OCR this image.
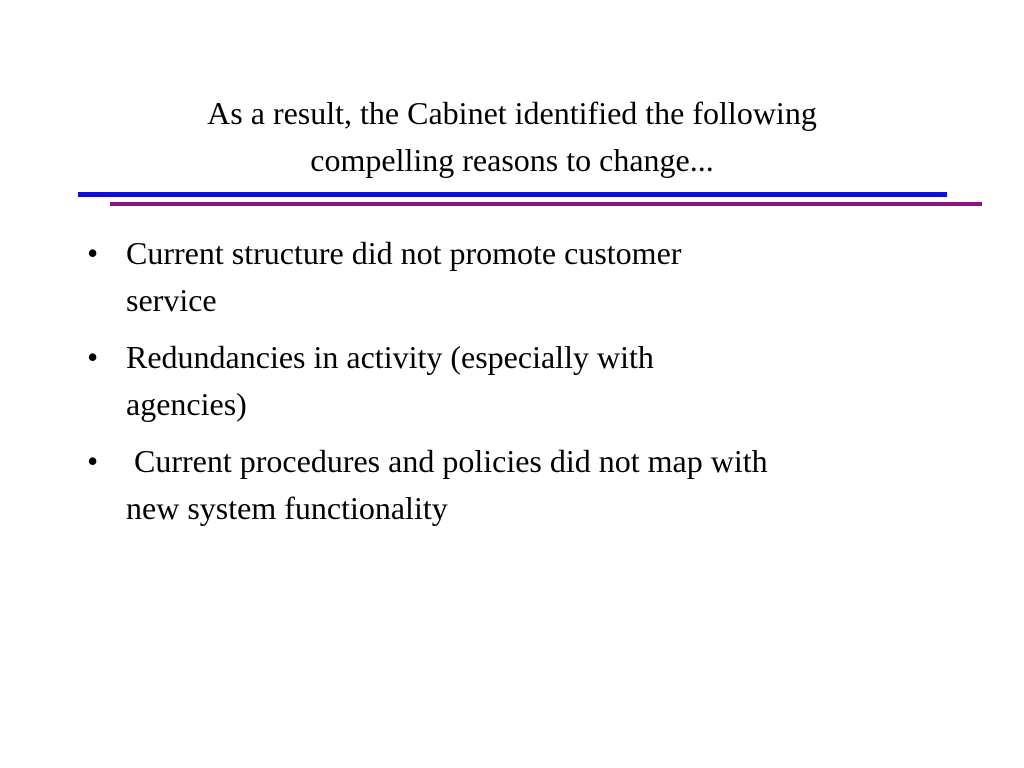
As a result, the Cabinet identified the following
compelling reasons to change...
• Current structure did not promote customer
service
• Redundancies in activity (especially with
agencies)
• Current procedures and policies did not map with
new system functionality
